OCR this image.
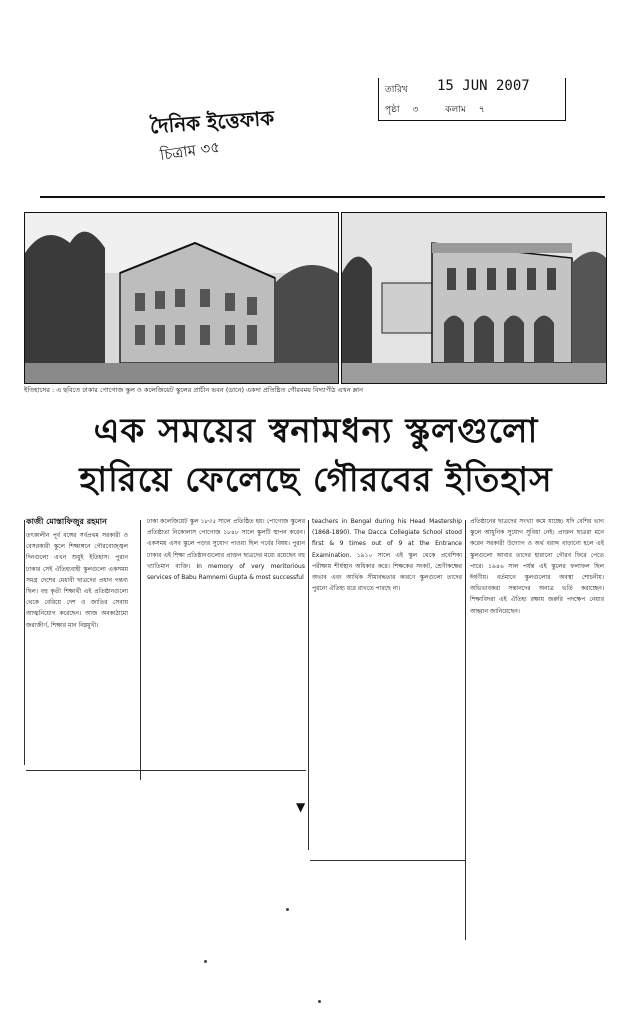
দৈনিক ইত্তেফাক
চিত্রাম ৩৫
তারিখ 15 JUN 2007
পৃষ্ঠা ৩	কলাম ৭
ইতিহাসের : এ ছবিতে ঢাকার পোগোজ স্কুল ও কলেজিয়েট স্কুলের প্রাচীন ভবন (ডানে) একদা প্রতিষ্ঠিত গৌরবময় বিদ্যাপীঠ এখন ম্লান
এক সময়ের স্বনামধন্য স্কুলগুলো
হারিয়ে ফেলেছে গৌরবের ইতিহাস
কাজী মোস্তাফিজুর রহমান
তৎকালীন পূর্ব বঙ্গের সর্বপ্রথম সরকারী ও বেসরকারী স্কুলে শিক্ষাঙ্গনে গৌরবোজ্জ্বল দিনগুলো এখন শুধুই ইতিহাস। পুরান ঢাকার সেই ঐতিহ্যবাহী স্কুলগুলো একসময় সমগ্র দেশের মেধাবী ছাত্রদের প্রধান গন্তব্য ছিল। বহু কৃতী শিক্ষার্থী এই প্রতিষ্ঠানগুলো থেকে বেরিয়ে দেশ ও জাতির সেবায় আত্মনিয়োগ করেছেন। আজ অবকাঠামো জরাজীর্ণ, শিক্ষার মান নিম্নমুখী।
ঢাকা কলেজিয়েট স্কুল ১৮৩৫ সালে প্রতিষ্ঠিত হয়। পোগোজ স্কুলের প্রতিষ্ঠাতা নিকোলাস পোগোজ ১৮৪৮ সালে স্কুলটি স্থাপন করেন। একসময় এসব স্কুলে পড়ার সুযোগ পাওয়া ছিল গর্বের বিষয়। পুরান ঢাকার এই শিক্ষা প্রতিষ্ঠানগুলোর প্রাক্তন ছাত্রদের মধ্যে রয়েছেন বহু খ্যাতিমান ব্যক্তি। In memory of very meritorious services of Babu Ramnemi Gupta & most successful
teachers in Bengal during his Head Mastership (1868-1890). The Dacca Collegiate School stood first & 9 times out of 9 at the Entrance Examination. ১৯১০ সালে এই স্কুল থেকে প্রবেশিকা পরীক্ষায় শীর্ষস্থান অধিকার করে। শিক্ষকের সংকট, শ্রেণীকক্ষের অভাব এবং আর্থিক সীমাবদ্ধতার কারণে স্কুলগুলো তাদের পুরনো ঐতিহ্য ধরে রাখতে পারছে না।
প্রতিষ্ঠানের ছাত্রদের সংখ্যা কমে যাচ্ছে। যদি বেশির ভাগ স্কুলে আধুনিক সুযোগ সুবিধা নেই। প্রাক্তন ছাত্ররা মনে করেন সরকারী উদ্যোগ ও অর্থ বরাদ্দ বাড়ানো হলে এই স্কুলগুলো আবার তাদের হারানো গৌরব ফিরে পেতে পারে। ১৯৪৬ সাল পর্যন্ত এই স্কুলের ফলাফল ছিল ঈর্ষণীয়। বর্তমানে স্কুলগুলোর অবস্থা শোচনীয়। অভিভাবকরা সন্তানদের অন্যত্র ভর্তি করাচ্ছেন। শিক্ষাবিদরা এই ঐতিহ্য রক্ষায় জরুরি পদক্ষেপ নেয়ার আহ্বান জানিয়েছেন।
▼
